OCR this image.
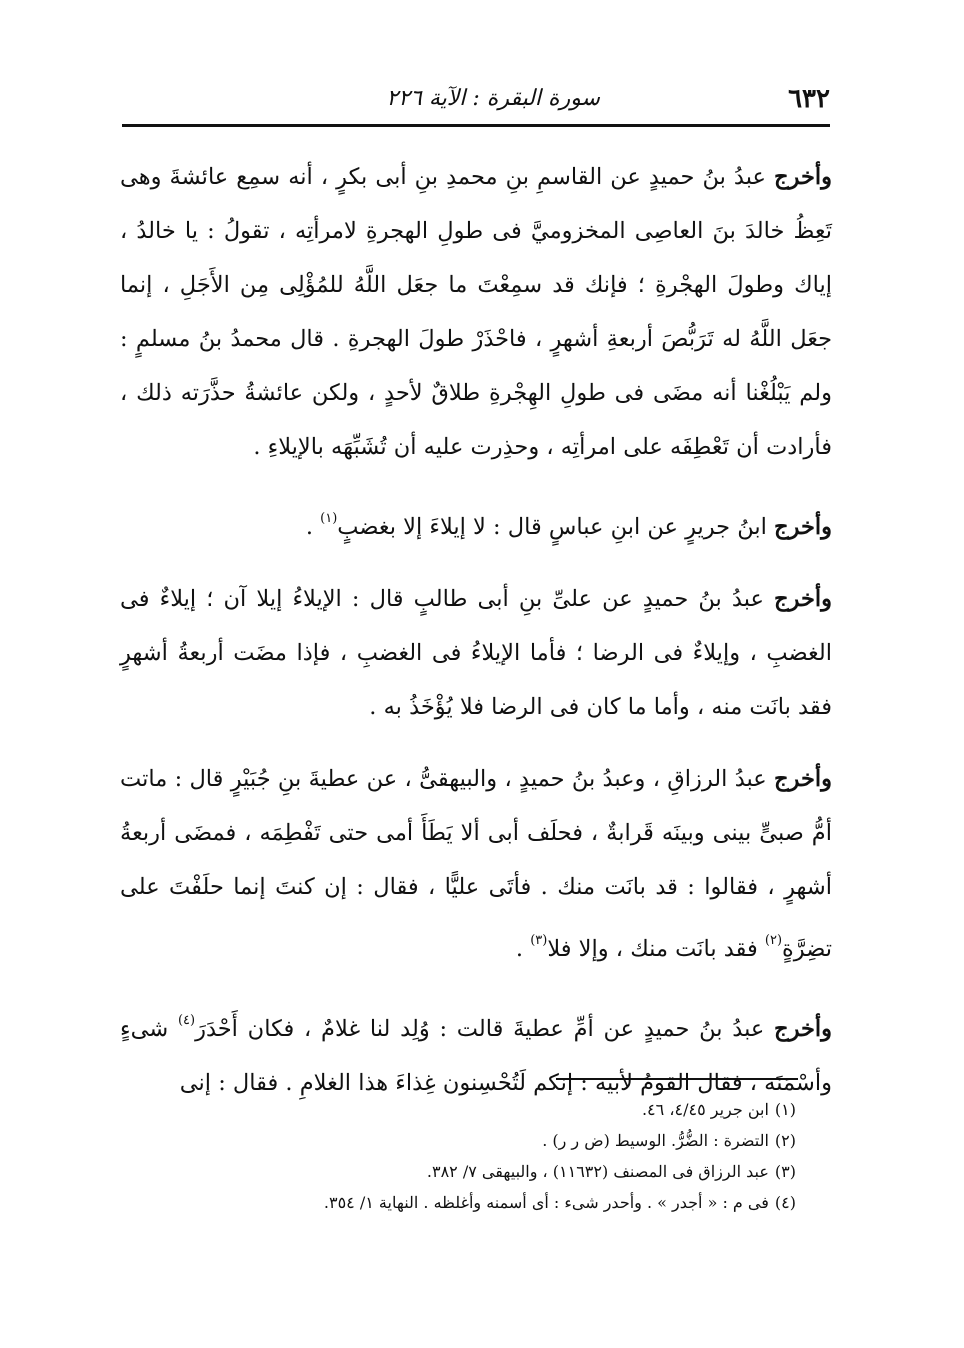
٦٣٢
سورة البقرة : الآية ٢٢٦

وأخرج عبدُ بنُ حميدٍ عن القاسمِ بنِ محمدِ بنِ أبى بكرٍ ، أنه سمِع عائشةَ وهى تَعِظُ خالدَ بنَ العاصِى المخزوميَّ فى طولِ الهجرةِ لامرأتِه ، تقولُ : يا خالدُ ، إياك وطولَ الهجْرةِ ؛ فإنك قد سمِعْتَ ما جعَل اللَّهُ للمُؤْلِى مِن الأَجَلِ ، إنما جعَل اللَّهُ له تَرَبُّصَ أربعةِ أشهرٍ ، فاحْذَرْ طولَ الهجرةِ . قال محمدُ بنُ مسلمٍ : ولم يَبْلُغْنا أنه مضَى فى طولِ الهِجْرةِ طلاقٌ لأحدٍ ، ولكن عائشةُ حذَّرَته ذلك ، فأرادت أن تَعْطِفَه على امرأتِه ، وحذِرت عليه أن تُشَبِّهَه بالإيلاءِ .

وأخرج ابنُ جريرٍ عن ابنِ عباسٍ قال : لا إيلاءَ إلا بغضبٍ$^{(١)}$ .

وأخرج عبدُ بنُ حميدٍ عن علىِّ بنِ أبى طالبٍ قال : الإيلاءُ إيلا آن ؛ إيلاءٌ فى الغضبِ ، وإيلاءٌ فى الرضا ؛ فأما الإيلاءُ فى الغضبِ ، فإذا مضَت أربعةُ أشهرٍ فقد بانَت منه ، وأما ما كان فى الرضا فلا يُؤْخَذُ به .

وأخرج عبدُ الرزاقِ ، وعبدُ بنُ حميدٍ ، والبيهقىُّ ، عن عطيةَ بنِ جُبَيْرٍ قال : ماتت أمُّ صبىٍّ بينى وبينَه قَرابةٌ ، فحلَف أبى ألا يَطَأَ أمى حتى تَفْطِمَه ، فمضَى أربعةُ أشهرٍ ، فقالوا : قد بانَت منك . فأتَى عليًّا ، فقال : إن كنتَ إنما حلَفْتَ على تضِرَّةٍ$^{(٢)}$ فقد بانَت منك ، وإلا فلا$^{(٣)}$ .

وأخرج عبدُ بنُ حميدٍ عن أمِّ عطيةَ قالت : وُلِد لنا غلامٌ ، فكان أَحْدَرَ$^{(٤)}$ شىءٍ وأسْمَنَه ، فقال القومُ لأبيه : إنكم لَتُحْسِنون غِذاءَ هذا الغلامِ . فقال : إنى

(١)ابن جرير ٤/٤٥، ٤٦.

(٢)التضرة : الضُّرُّ. الوسيط (ض ر ر) .

(٣)عبد الرزاق فى المصنف (١١٦٣٢) ، والبيهقى ٧/ ٣٨٢.

(٤)فى م : « أجدر » . وأحدر شىء : أى أسمنه وأغلظه . النهاية ١/ ٣٥٤.
